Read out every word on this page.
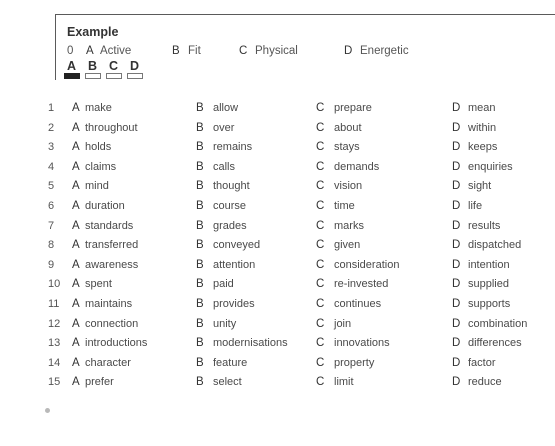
Example
0 A Active	B Fit	C Physical	D Energetic
A B C D
1 A make	B allow	C prepare	D mean
2 A throughout	B over	C about	D within
3 A holds	B remains	C stays	D keeps
4 A claims	B calls	C demands	D enquiries
5 A mind	B thought	C vision	D sight
6 A duration	B course	C time	D life
7 A standards	B grades	C marks	D results
8 A transferred	B conveyed	C given	D dispatched
9 A awareness	B attention	C consideration	D intention
10 A spent	B paid	C re-invested	D supplied
11 A maintains	B provides	C continues	D supports
12 A connection	B unity	C join	D combination
13 A introductions	B modernisations C innovations	D differences
14 A character	B feature	C property	D factor
15 A prefer	B select	C limit	D reduce
